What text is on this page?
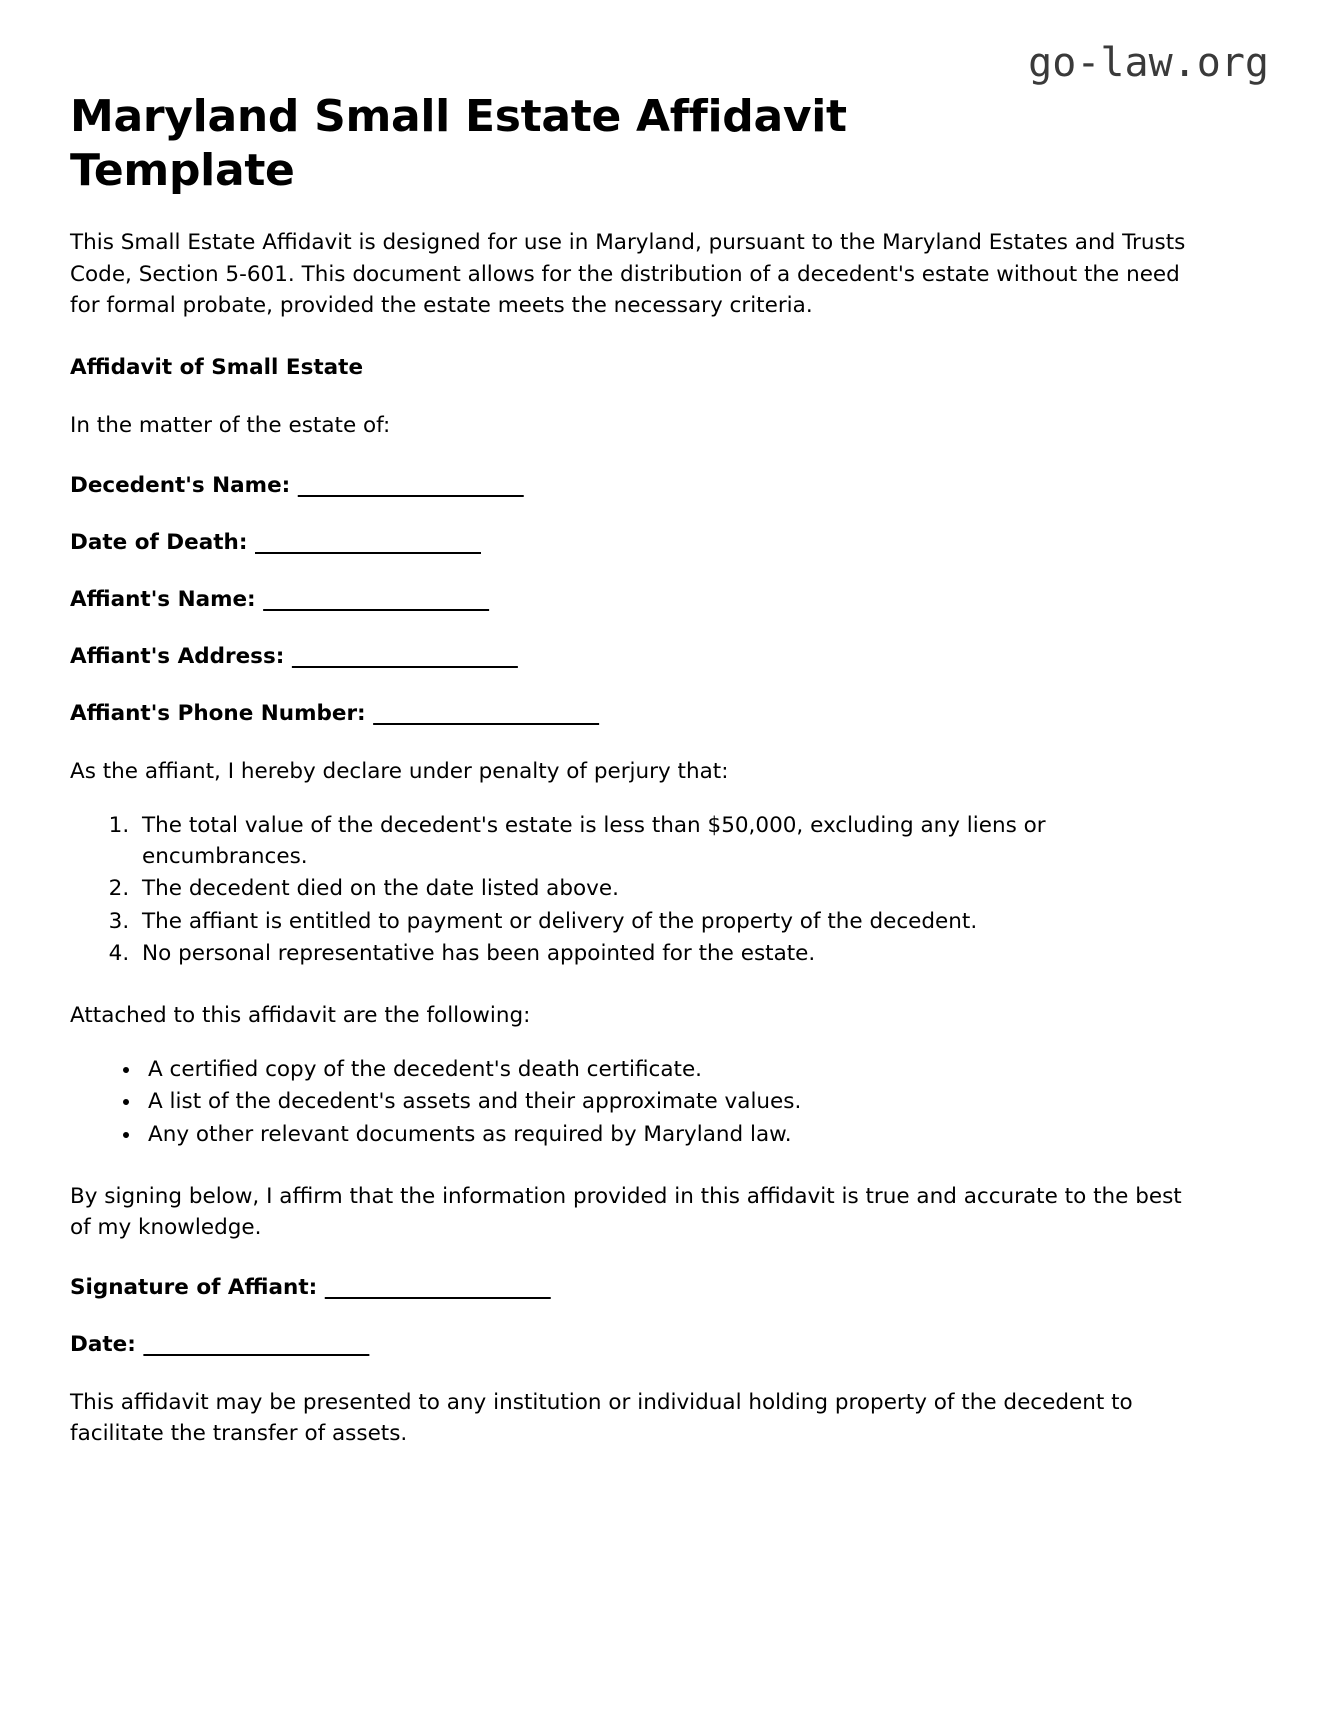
go-law.org
Maryland Small Estate Affidavit Template

This Small Estate Affidavit is designed for use in Maryland, pursuant to the Maryland Estates and Trusts Code, Section 5-601. This document allows for the distribution of a decedent's estate without the need for formal probate, provided the estate meets the necessary criteria.

Affidavit of Small Estate

In the matter of the estate of:

Decedent's Name: ______________________

Date of Death: ______________________

Affiant's Name: ______________________

Affiant's Address: ______________________

Affiant's Phone Number: ______________________

As the affiant, I hereby declare under penalty of perjury that:

1. The total value of the decedent's estate is less than $50,000, excluding any liens or encumbrances.
2. The decedent died on the date listed above.
3. The affiant is entitled to payment or delivery of the property of the decedent.
4. No personal representative has been appointed for the estate.

Attached to this affidavit are the following:

• A certified copy of the decedent's death certificate.
• A list of the decedent's assets and their approximate values.
• Any other relevant documents as required by Maryland law.

By signing below, I affirm that the information provided in this affidavit is true and accurate to the best of my knowledge.

Signature of Affiant: ______________________

Date: ______________________

This affidavit may be presented to any institution or individual holding property of the decedent to facilitate the transfer of assets.
